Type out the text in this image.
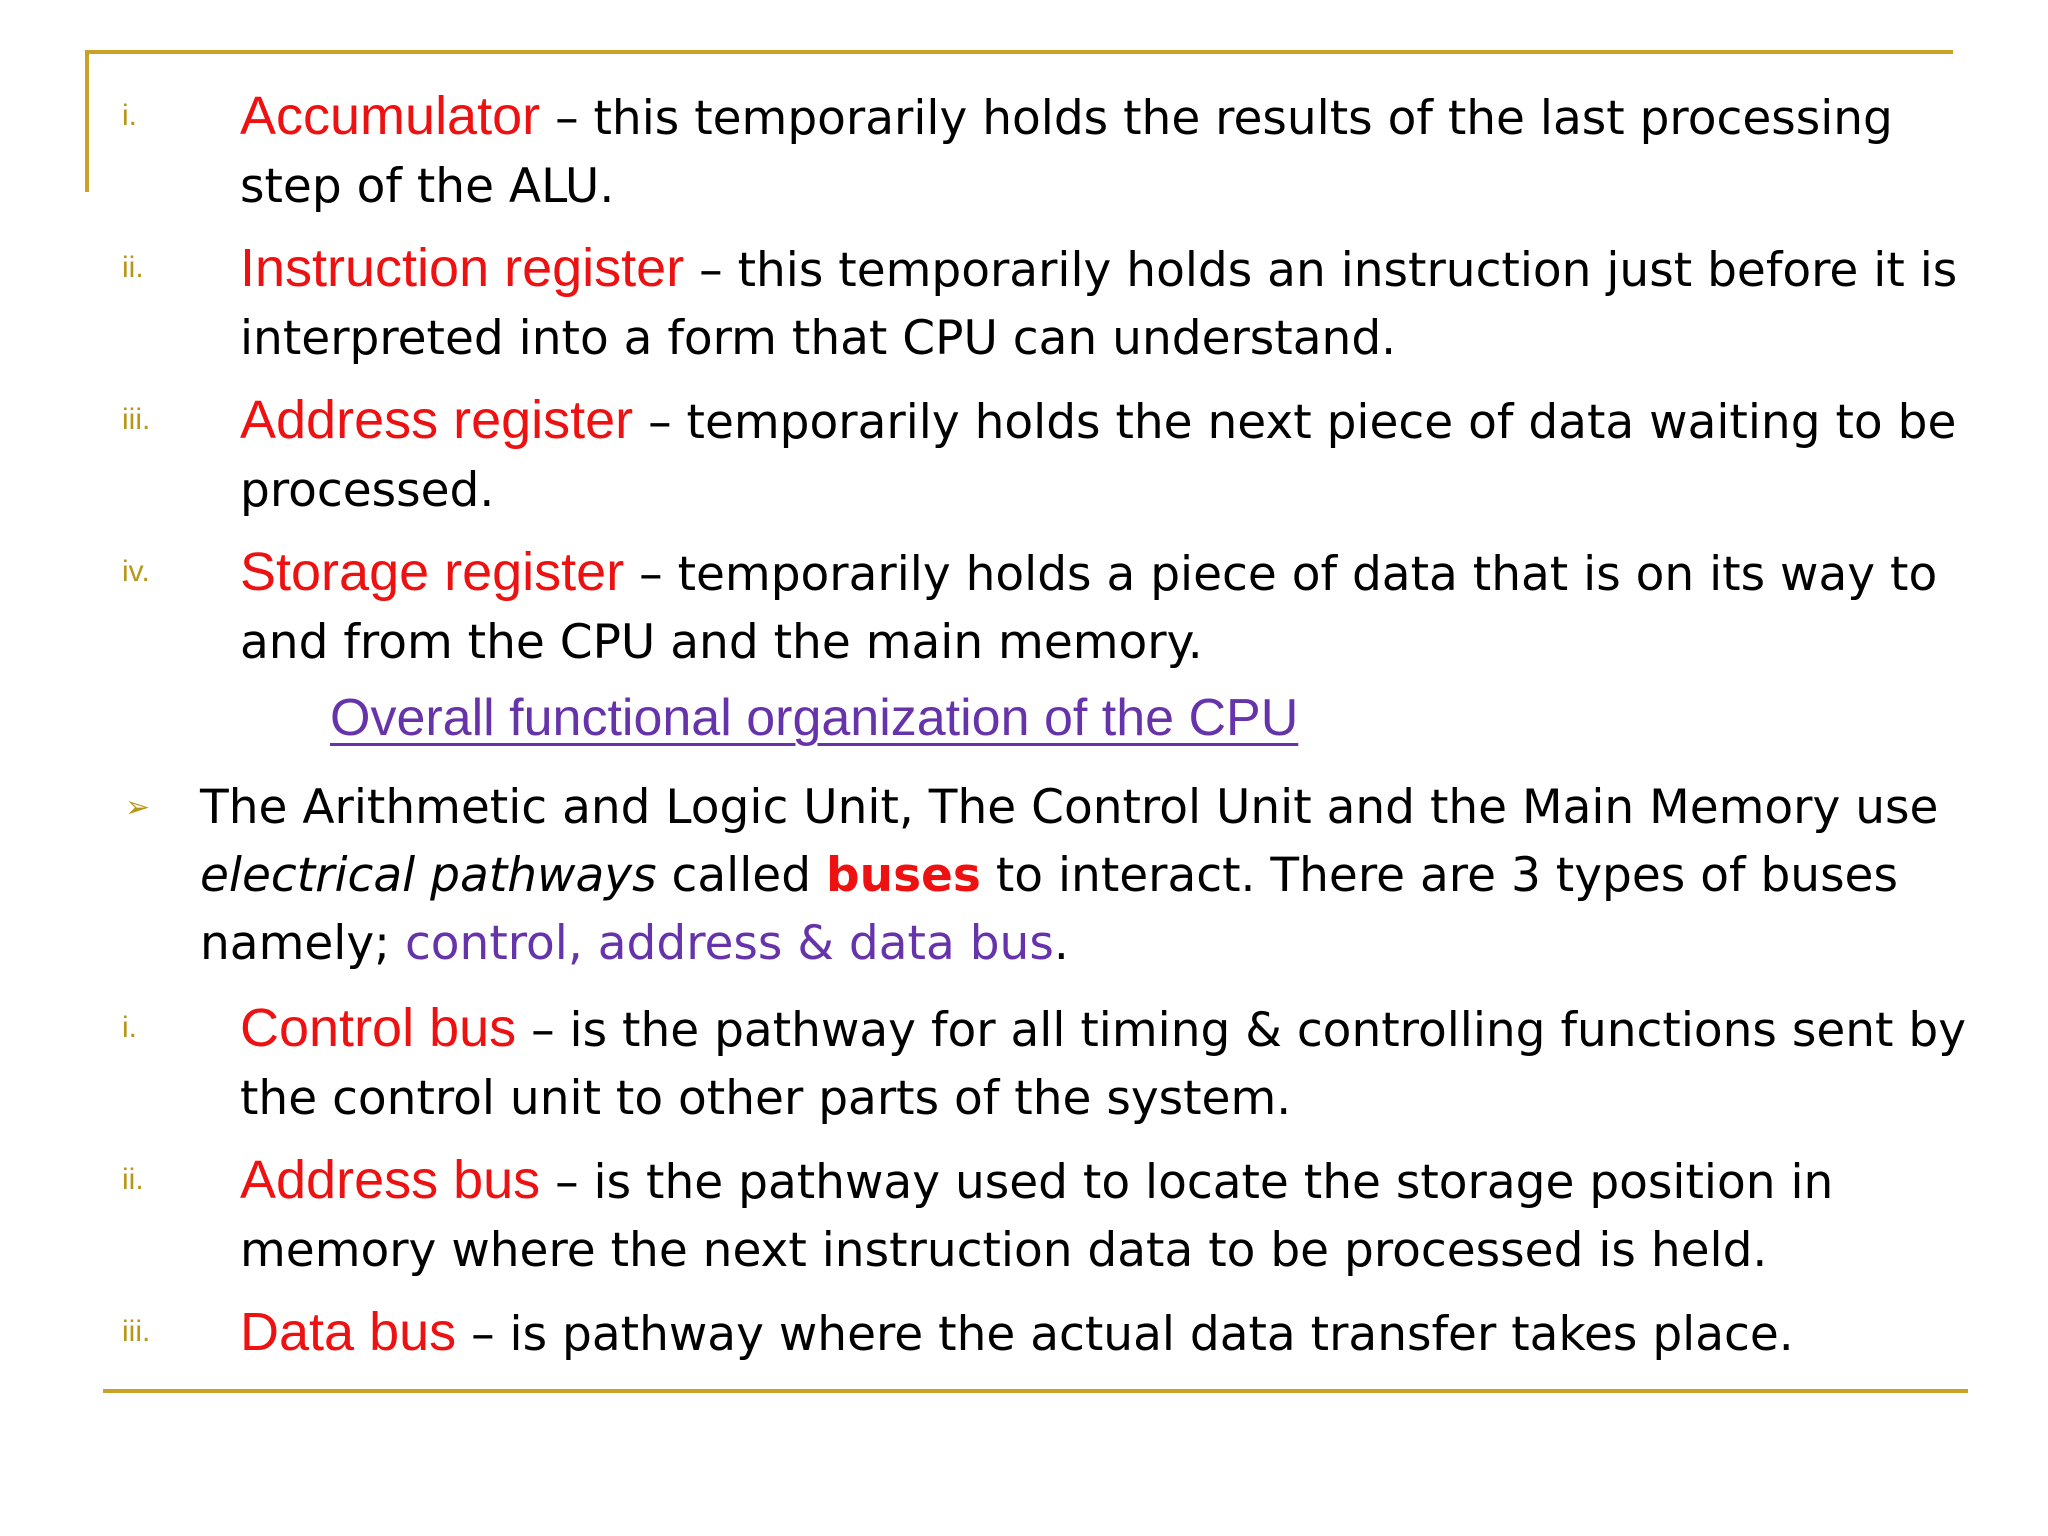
i. Accumulator – this temporarily holds the results of the last processing step of the ALU.

ii. Instruction register – this temporarily holds an instruction just before it is interpreted into a form that CPU can understand.

iii. Address register – temporarily holds the next piece of data waiting to be processed.

iv. Storage register – temporarily holds a piece of data that is on its way to and from the CPU and the main memory.

Overall functional organization of the CPU

➢ The Arithmetic and Logic Unit, The Control Unit and the Main Memory use electrical pathways called buses to interact. There are 3 types of buses namely; control, address & data bus.

i. Control bus – is the pathway for all timing & controlling functions sent by the control unit to other parts of the system.

ii. Address bus – is the pathway used to locate the storage position in memory where the next instruction data to be processed is held.

iii. Data bus – is pathway where the actual data transfer takes place.
